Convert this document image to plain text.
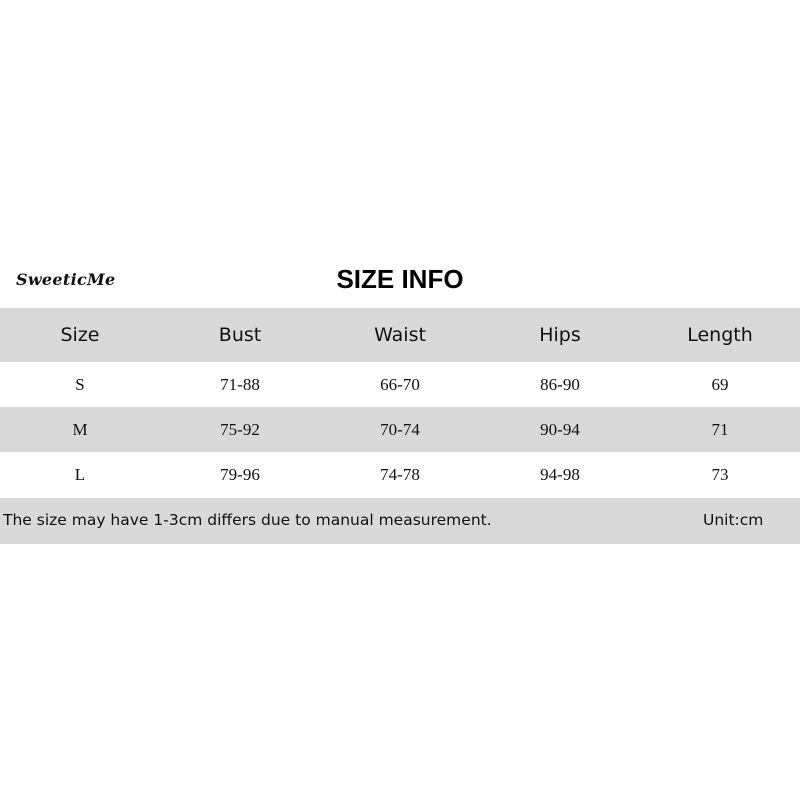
SweeticMe	SIZE INFO
Size	Bust	Waist	Hips	Length
S	71-88	66-70	86-90	69
M	75-92	70-74	90-94	71
L	79-96	74-78	94-98	73
The size may have 1-3cm differs due to manual measurement.	Unit:cm
